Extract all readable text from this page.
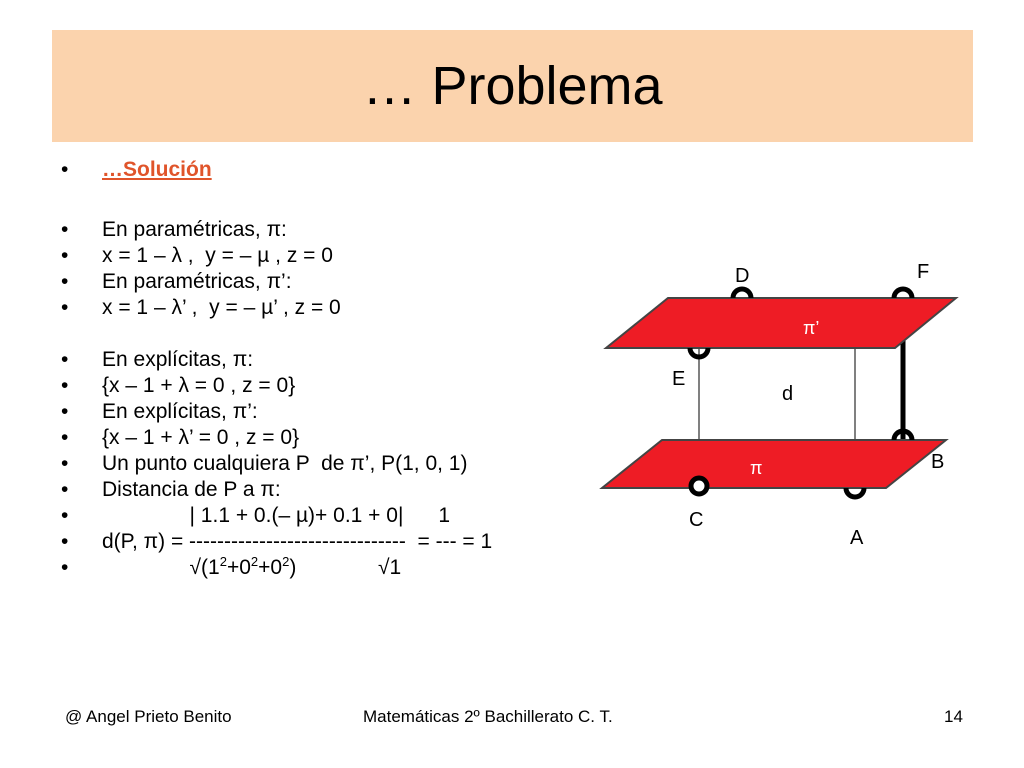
… Problema
• …Solución
• En paramétricas, π:
• x = 1 – λ ,  y = – µ , z = 0
• En paramétricas, π’:
• x = 1 – λ’ ,  y = – µ’ , z = 0
• En explícitas, π:
• {x – 1 + λ = 0 , z = 0}
• En explícitas, π’:
• {x – 1 + λ’ = 0 , z = 0}
• Un punto cualquiera P  de π’, P(1, 0, 1)
• Distancia de P a π:
•                | 1.1 + 0.(– µ)+ 0.1 + 0|      1
• d(P, π) = -------------------------------  = --- = 1
•                $√(1^2+0^2+0^2)$              √1
D	F
E
d
B
C
A
π’
π
@ Angel Prieto Benito	Matemáticas 2º Bachillerato C. T.	14
